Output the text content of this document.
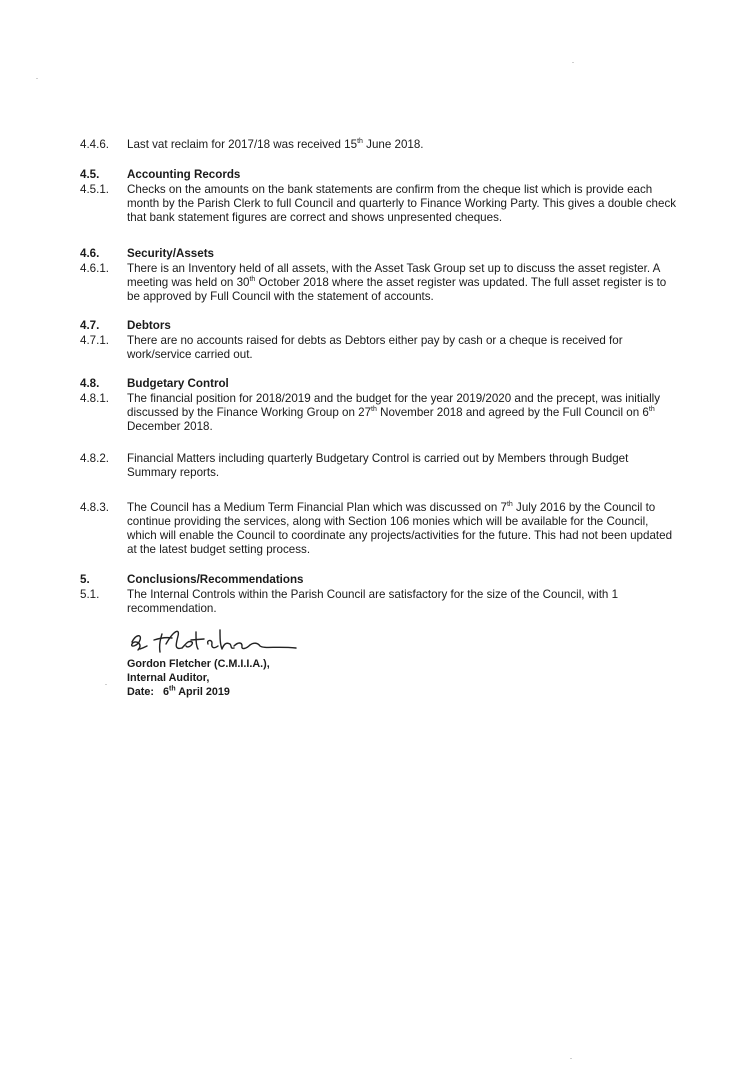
4.4.6.	Last vat reclaim for 2017/18 was received 15th June 2018.
4.5.	Accounting Records
4.5.1.	Checks on the amounts on the bank statements are confirm from the cheque list which is provide each month by the Parish Clerk to full Council and quarterly to Finance Working Party. This gives a double check that bank statement figures are correct and shows unpresented cheques.

4.6.	Security/Assets
4.6.1.	There is an Inventory held of all assets, with the Asset Task Group set up to discuss the asset register. A meeting was held on 30th October 2018 where the asset register was updated. The full asset register is to be approved by Full Council with the statement of accounts.
4.7.	Debtors
4.7.1.	There are no accounts raised for debts as Debtors either pay by cash or a cheque is received for work/service carried out.

4.8.	Budgetary Control
4.8.1.	The financial position for 2018/2019 and the budget for the year 2019/2020 and the precept, was initially discussed by the Finance Working Group on 27th November 2018 and agreed by the Full Council on 6th December 2018.
4.8.2.	Financial Matters including quarterly Budgetary Control is carried out by Members through Budget Summary reports.

4.8.3.	The Council has a Medium Term Financial Plan which was discussed on 7th July 2016 by the Council to continue providing the services, along with Section 106 monies which will be available for the Council, which will enable the Council to coordinate any projects/activities for the future. This had not been updated at the latest budget setting process.
5.	Conclusions/Recommendations
5.1.	The Internal Controls within the Parish Council are satisfactory for the size of the Council, with 1 recommendation.

Gordon Fletcher (C.M.I.I.A.),
Internal Auditor,
Date: 6th April 2019
